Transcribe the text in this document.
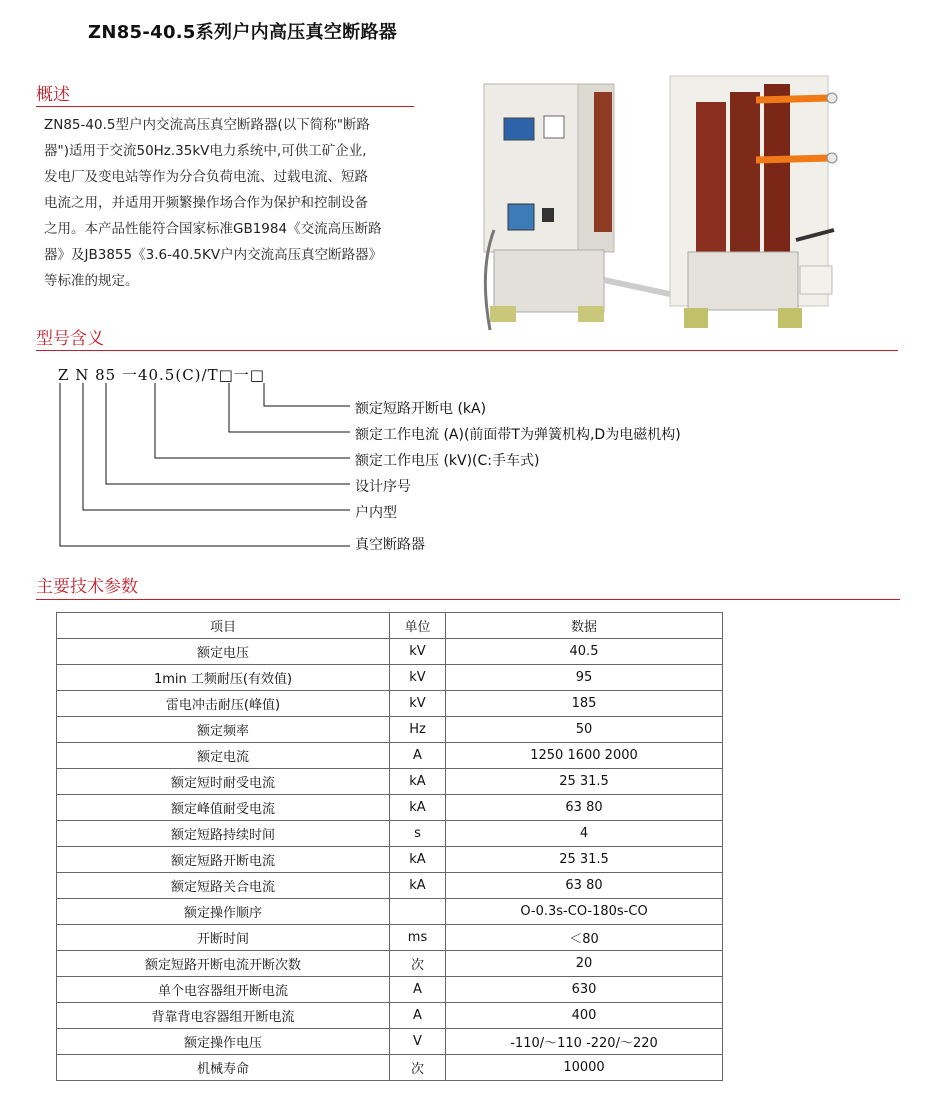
ZN85-40.5系列户内高压真空断路器
概述

ZN85-40.5型户内交流高压真空断路器(以下简称"断路

器")适用于交流50Hz.35kV电力系统中,可供工矿企业,

发电厂及变电站等作为分合负荷电流、过载电流、短路

电流之用，并适用开频繁操作场合作为保护和控制设备

之用。本产品性能符合国家标准GB1984《交流高压断路

器》及JB3855《3.6-40.5KV户内交流高压真空断路器》

等标准的规定。

型号含义
Z N 85 一40.5(C)/T□一□
额定短路开断电 (kA)
额定工作电流 (A)(前面带T为弹簧机构,D为电磁机构)
额定工作电压 (kV)(C:手车式)
设计序号
户内型
真空断路器
主要技术参数
项目	单位	数据
额定电压	kV	40.5
1min 工频耐压(有效值)	kV	95
雷电冲击耐压(峰值)	kV	185
额定频率	Hz	50
额定电流	A	1250 1600 2000
额定短时耐受电流	kA	25 31.5
额定峰值耐受电流	kA	63 80
额定短路持续时间	s	4
额定短路开断电流	kA	25 31.5
额定短路关合电流	kA	63 80
额定操作顺序		O-0.3s-CO-180s-CO
开断时间	ms	＜80
额定短路开断电流开断次数	次	20
单个电容器组开断电流	A	630
背靠背电容器组开断电流	A	400
额定操作电压	V	-110/～110 -220/～220
机械寿命	次	10000
